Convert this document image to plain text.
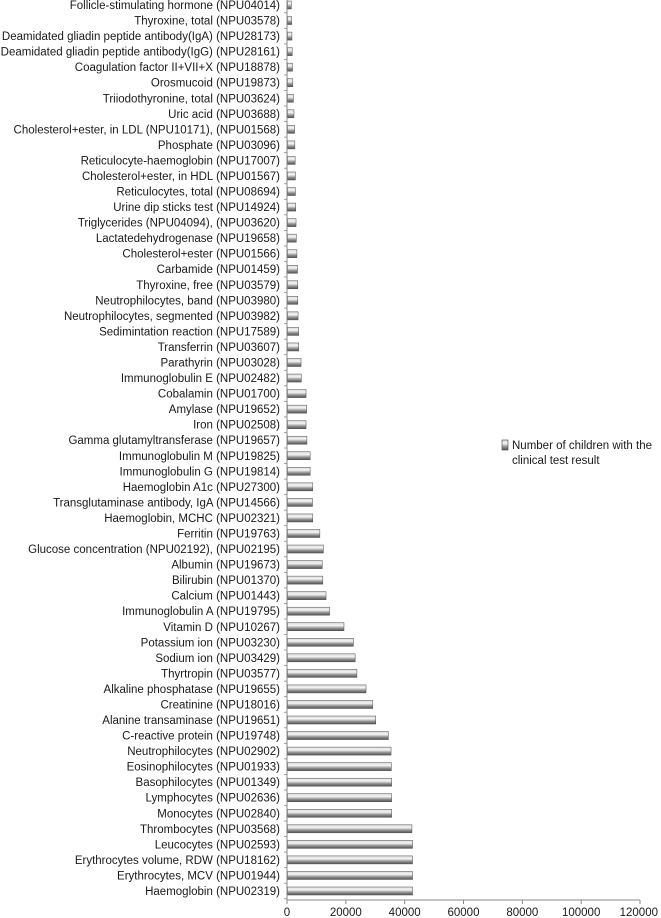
Haemoglobin (NPU02319)
Erythrocytes, MCV (NPU01944)
Erythrocytes volume, RDW (NPU18162)
Leucocytes (NPU02593)
Thrombocytes (NPU03568)
Monocytes (NPU02840)
Lymphocytes (NPU02636)
Basophilocytes (NPU01349)
Eosinophilocytes (NPU01933)
Neutrophilocytes (NPU02902)
C-reactive protein (NPU19748)
Alanine transaminase (NPU19651)
Creatinine (NPU18016)
Alkaline phosphatase (NPU19655)
Thyrtropin (NPU03577)
Sodium ion (NPU03429)
Potassium ion (NPU03230)
Vitamin D (NPU10267)
Immunoglobulin A (NPU19795)
Calcium (NPU01443)
Bilirubin (NPU01370)
Albumin (NPU19673)
Glucose concentration (NPU02192), (NPU02195)
Ferritin (NPU19763)
Haemoglobin, MCHC (NPU02321)
Transglutaminase antibody, IgA (NPU14566)
Haemoglobin A1c (NPU27300)
Immunoglobulin G (NPU19814)
Immunoglobulin M (NPU19825)
Gamma glutamyltransferase (NPU19657)
Iron (NPU02508)
Amylase (NPU19652)
Cobalamin (NPU01700)
Immunoglobulin E (NPU02482)
Parathyrin (NPU03028)
Transferrin (NPU03607)
Sedimintation reaction (NPU17589)
Neutrophilocytes, segmented (NPU03982)
Neutrophilocytes, band (NPU03980)
Thyroxine, free (NPU03579)
Carbamide (NPU01459)
Cholesterol+ester (NPU01566)
Lactatedehydrogenase (NPU19658)
Triglycerides (NPU04094), (NPU03620)
Urine dip sticks test (NPU14924)
Reticulocytes, total (NPU08694)
Cholesterol+ester, in HDL (NPU01567)
Reticulocyte-haemoglobin (NPU17007)
Phosphate (NPU03096)
Cholesterol+ester, in LDL (NPU10171), (NPU01568)
Uric acid (NPU03688)
Triiodothyronine, total (NPU03624)
Orosmucoid (NPU19873)
Coagulation factor II+VII+X (NPU18878)
Deamidated gliadin peptide antibody(IgG) (NPU28161)
Deamidated gliadin peptide antibody(IgA) (NPU28173)
Thyroxine, total (NPU03578)
Follicle-stimulating hormone (NPU04014)
0	20000 40000 60000 80000 100000 120000
Number of children with the
clinical test result
